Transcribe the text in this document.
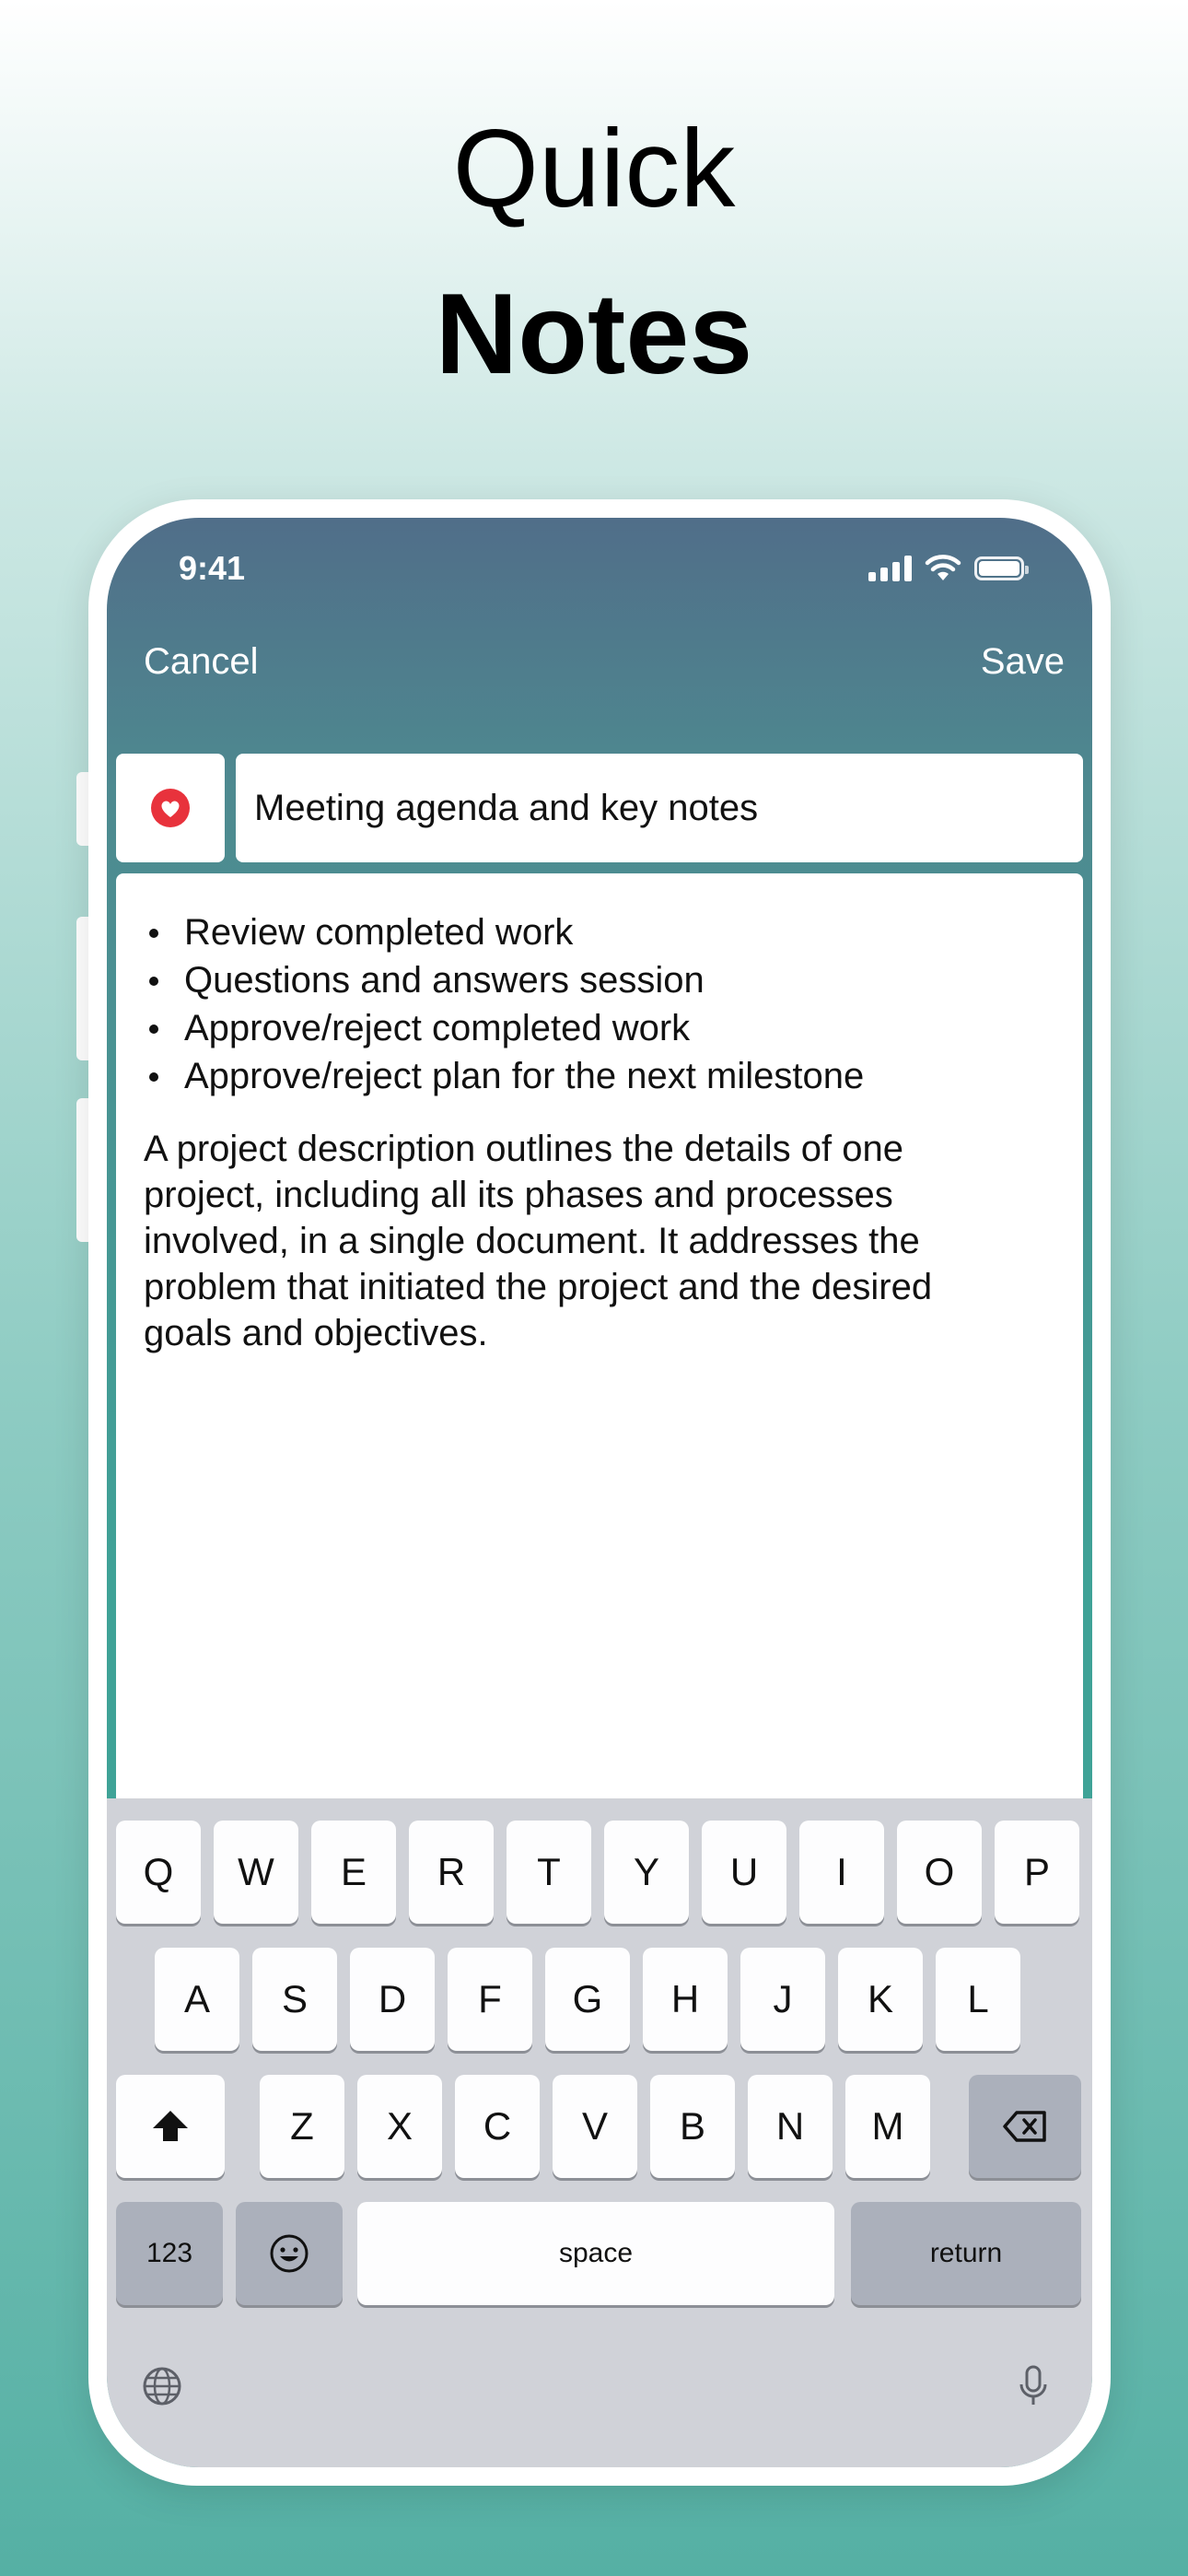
Quick
Notes
9:41
Cancel	Save
Meeting agenda and key notes
Review completed work
Questions and answers session
Approve/reject completed work
Approve/reject plan for the next milestone

A project description outlines the details of one
project, including all its phases and processes
involved, in a single document. It addresses the
problem that initiated the project and the desired
goals and objectives.

Q	W	E	R	T	Y	U	I	O	P
A	S	D	F	G	H	J	K	L
Z	X	C	V	B	N	M
123	space	return
